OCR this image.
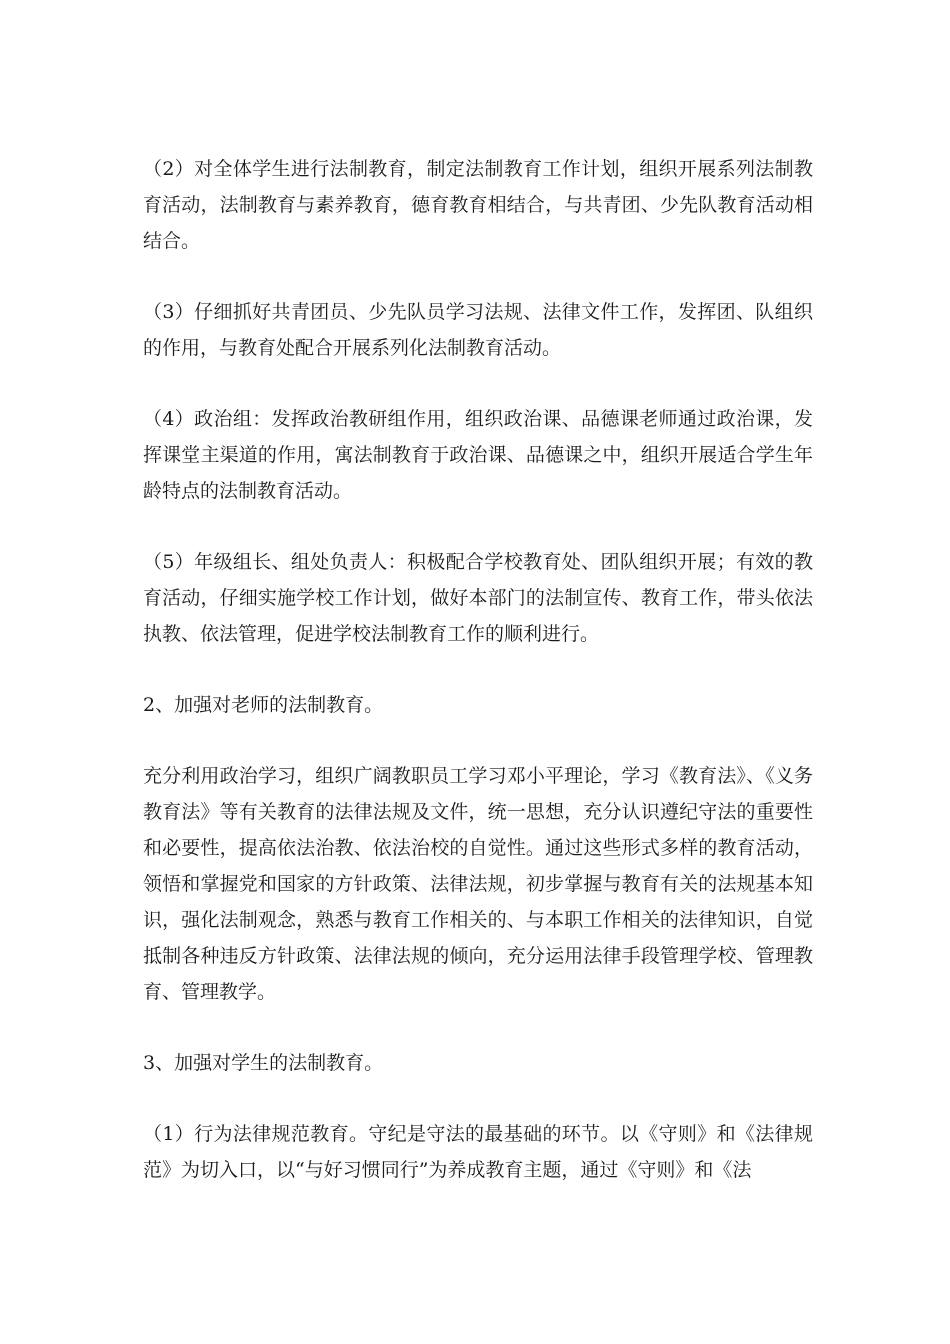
（2）对全体学生进行法制教育，制定法制教育工作计划，组织开展系列法制教育活动，法制教育与素养教育，德育教育相结合，与共青团、少先队教育活动相结合。

（3）仔细抓好共青团员、少先队员学习法规、法律文件工作，发挥团、队组织的作用，与教育处配合开展系列化法制教育活动。

（4）政治组：发挥政治教研组作用，组织政治课、品德课老师通过政治课，发挥课堂主渠道的作用，寓法制教育于政治课、品德课之中，组织开展适合学生年龄特点的法制教育活动。

（5）年级组长、组处负责人：积极配合学校教育处、团队组织开展；有效的教育活动，仔细实施学校工作计划，做好本部门的法制宣传、教育工作，带头依法执教、依法管理，促进学校法制教育工作的顺利进行。

2、加强对老师的法制教育。

充分利用政治学习，组织广阔教职员工学习邓小平理论，学习《教育法》、《义务教育法》等有关教育的法律法规及文件，统一思想，充分认识遵纪守法的重要性和必要性，提高依法治教、依法治校的自觉性。通过这些形式多样的教育活动，领悟和掌握党和国家的方针政策、法律法规，初步掌握与教育有关的法规基本知识，强化法制观念，熟悉与教育工作相关的、与本职工作相关的法律知识，自觉抵制各种违反方针政策、法律法规的倾向，充分运用法律手段管理学校、管理教育、管理教学。

3、加强对学生的法制教育。

（1）行为法律规范教育。守纪是守法的最基础的环节。以《守则》和《法律规范》为切入口，以“与好习惯同行”为养成教育主题，通过《守则》和《法
